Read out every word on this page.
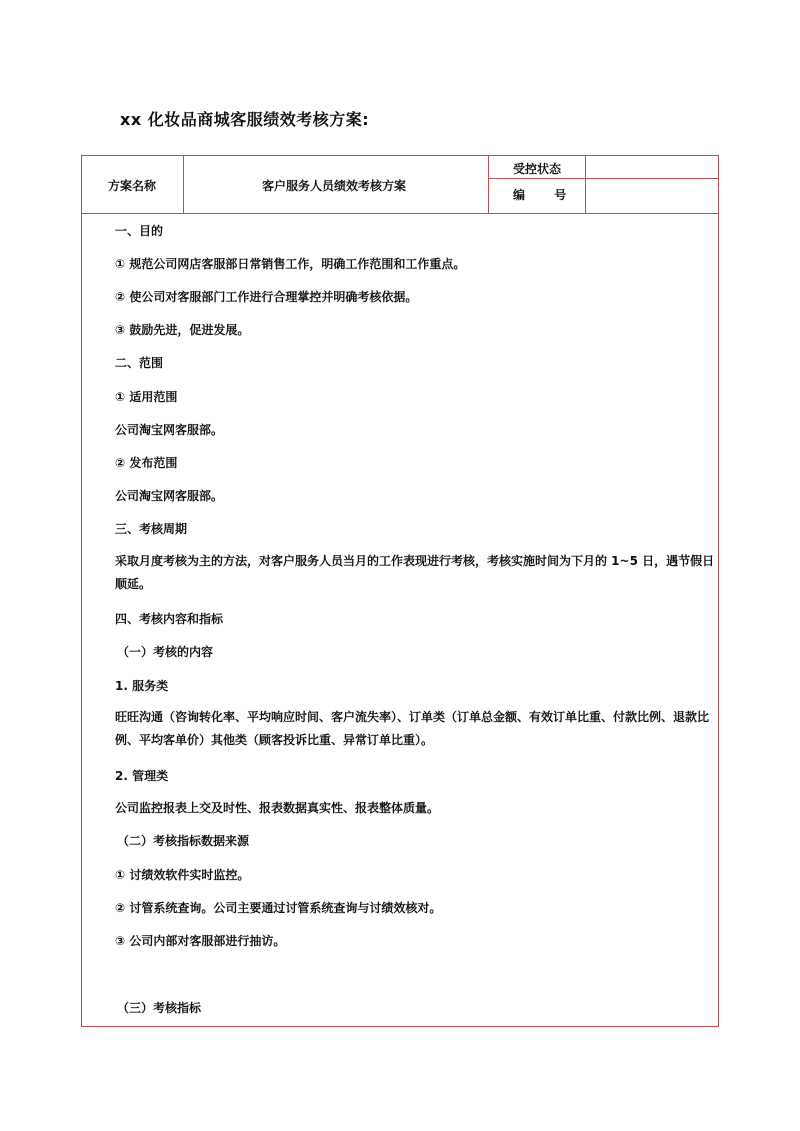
xx 化妆品商城客服绩效考核方案:
方案名称	客户服务人员绩效考核方案
受控状态
编       号
一、目的
① 规范公司网店客服部日常销售工作，明确工作范围和工作重点。
② 使公司对客服部门工作进行合理掌控并明确考核依据。
③ 鼓励先进，促进发展。
二、范围
① 适用范围
公司淘宝网客服部。
② 发布范围
公司淘宝网客服部。
三、考核周期
采取月度考核为主的方法，对客户服务人员当月的工作表现进行考核，考核实施时间为下月的 1~5 日，遇节假日顺延。
四、考核内容和指标
（一）考核的内容
1. 服务类
旺旺沟通（咨询转化率、平均响应时间、客户流失率）、订单类（订单总金额、有效订单比重、付款比例、退款比例、平均客单价）其他类（顾客投诉比重、异常订单比重）。
2. 管理类
公司监控报表上交及时性、报表数据真实性、报表整体质量。
（二）考核指标数据来源
① 讨绩效软件实时监控。
② 讨管系统查询。公司主要通过讨管系统查询与讨绩效核对。
③ 公司内部对客服部进行抽访。
（三）考核指标
